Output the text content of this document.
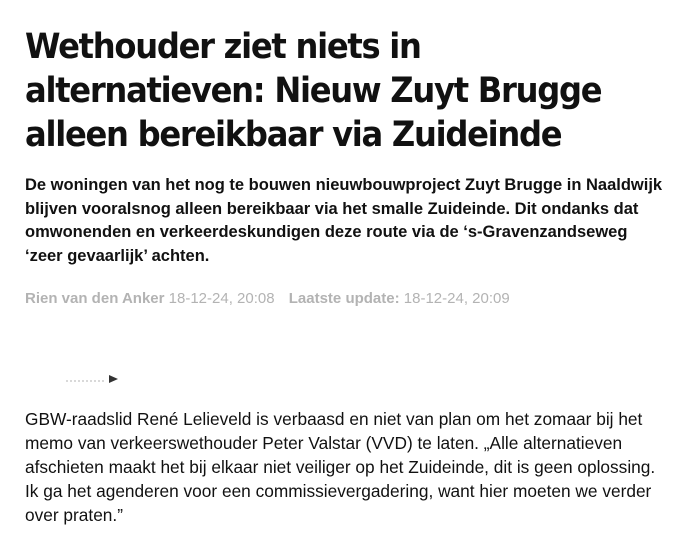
Wethouder ziet niets in alternatieven: Nieuw Zuyt Brugge alleen bereikbaar via Zuideinde

De woningen van het nog te bouwen nieuwbouwproject Zuyt Brugge in Naaldwijk blijven vooralsnog alleen bereikbaar via het smalle Zuideinde. Dit ondanks dat omwonenden en verkeerdeskundigen deze route via de ‘s-Gravenzandseweg ‘zeer gevaarlijk’ achten.

Rien van den Anker 18-12-24, 20:08 Laatste update: 18-12-24, 20:09

GBW-raadslid René Lelieveld is verbaasd en niet van plan om het zomaar bij het memo van verkeerswethouder Peter Valstar (VVD) te laten. „Alle alternatieven afschieten maakt het bij elkaar niet veiliger op het Zuideinde, dit is geen oplossing. Ik ga het agenderen voor een commissievergadering, want hier moeten we verder over praten.”
